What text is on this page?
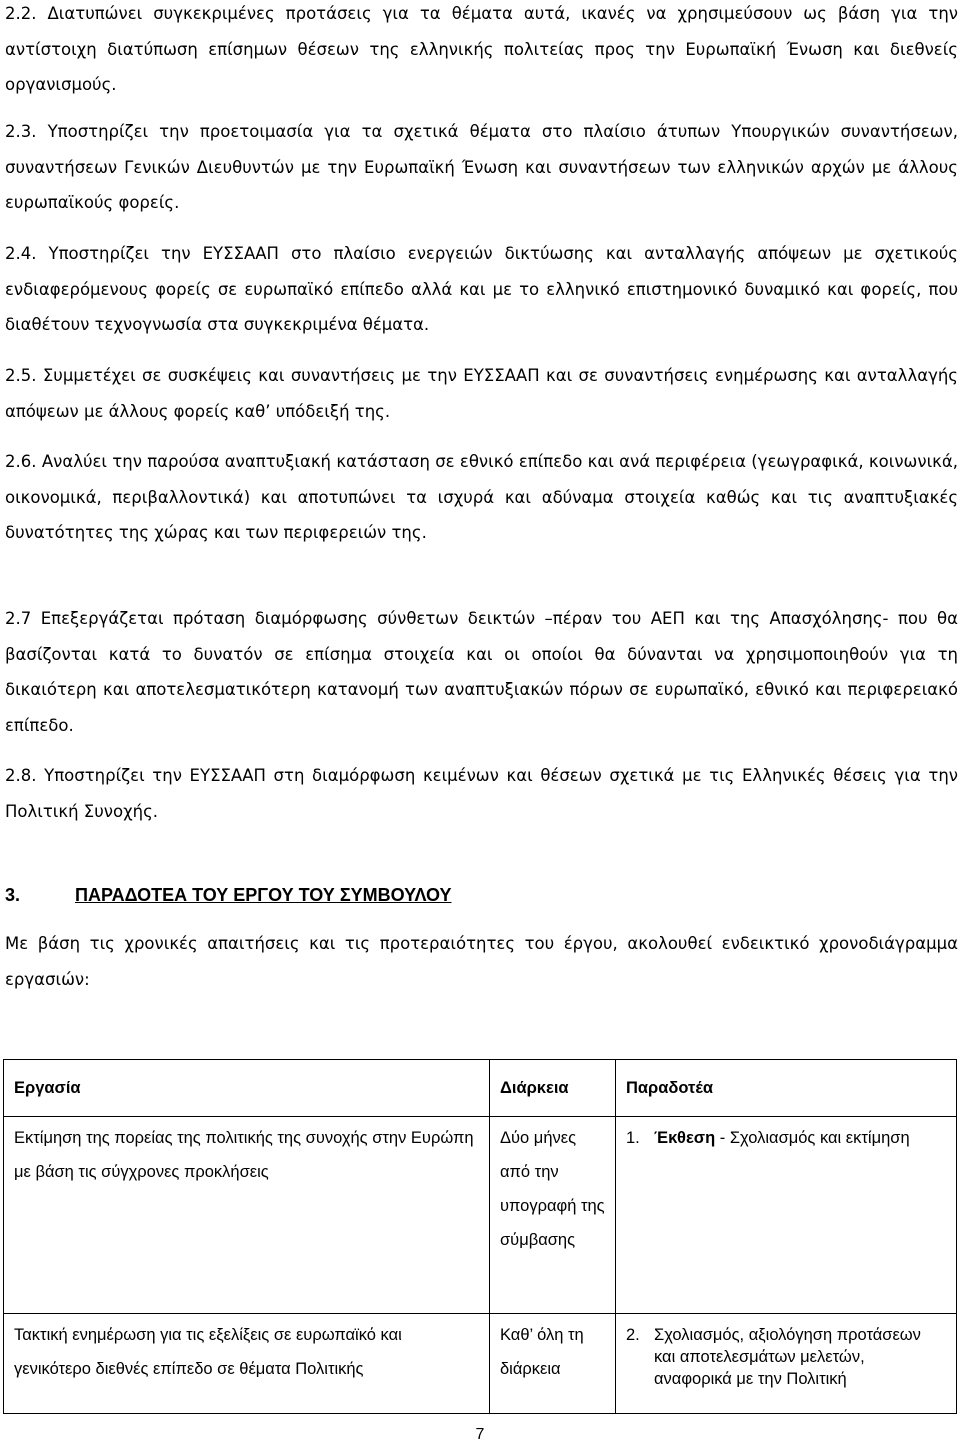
2.2. Διατυπώνει συγκεκριμένες προτάσεις για τα θέματα αυτά, ικανές να χρησιμεύσουν ως βάση για την αντίστοιχη διατύπωση επίσημων θέσεων της ελληνικής πολιτείας προς την Ευρωπαϊκή Ένωση και διεθνείς οργανισμούς.

2.3. Υποστηρίζει την προετοιμασία για τα σχετικά θέματα στο πλαίσιο άτυπων Υπουργικών συναντήσεων, συναντήσεων Γενικών Διευθυντών με την Ευρωπαϊκή Ένωση και συναντήσεων των ελληνικών αρχών με άλλους ευρωπαϊκούς φορείς.

2.4. Υποστηρίζει την ΕΥΣΣΑΑΠ στο πλαίσιο ενεργειών δικτύωσης και ανταλλαγής απόψεων με σχετικούς ενδιαφερόμενους φορείς σε ευρωπαϊκό επίπεδο αλλά και με το ελληνικό επιστημονικό δυναμικό και φορείς, που διαθέτουν τεχνογνωσία στα συγκεκριμένα θέματα.

2.5. Συμμετέχει σε συσκέψεις και συναντήσεις με την ΕΥΣΣΑΑΠ και σε συναντήσεις ενημέρωσης και ανταλλαγής απόψεων με άλλους φορείς καθ’ υπόδειξή της.

2.6. Αναλύει την παρούσα αναπτυξιακή κατάσταση σε εθνικό επίπεδο και ανά περιφέρεια (γεωγραφικά, κοινωνικά, οικονομικά, περιβαλλοντικά) και αποτυπώνει τα ισχυρά και αδύναμα στοιχεία καθώς και τις αναπτυξιακές δυνατότητες της χώρας και των περιφερειών της.

2.7 Επεξεργάζεται πρόταση διαμόρφωσης σύνθετων δεικτών –πέραν του ΑΕΠ και της Απασχόλησης- που θα βασίζονται κατά το δυνατόν σε επίσημα στοιχεία και οι οποίοι θα δύνανται να χρησιμοποιηθούν για τη δικαιότερη και αποτελεσματικότερη κατανομή των αναπτυξιακών πόρων σε ευρωπαϊκό, εθνικό και περιφερειακό επίπεδο.

2.8. Υποστηρίζει την ΕΥΣΣΑΑΠ στη διαμόρφωση κειμένων και θέσεων σχετικά με τις Ελληνικές θέσεις για την Πολιτική Συνοχής.

3.	ΠΑΡΑΔΟΤΕΑ ΤΟΥ ΕΡΓΟΥ ΤΟΥ ΣΥΜΒΟΥΛΟΥ

Με βάση τις χρονικές απαιτήσεις και τις προτεραιότητες του έργου, ακολουθεί ενδεικτικό χρονοδιάγραμμα εργασιών:

Εργασία	Διάρκεια	Παραδοτέα
Εκτίμηση της πορείας της πολιτικής της συνοχής στην Ευρώπη με βάση τις σύγχρονες προκλήσεις	Δύο μήνες από την υπογραφή της σύμβασης	1. Έκθεση - Σχολιασμός και εκτίμηση

Τακτική ενημέρωση για τις εξελίξεις σε ευρωπαϊκό και γενικότερο διεθνές επίπεδο σε θέματα Πολιτικής	Καθ’ όλη τη διάρκεια	2. Σχολιασμός, αξιολόγηση προτάσεων και αποτελεσμάτων μελετών, αναφορικά με την Πολιτική
7
